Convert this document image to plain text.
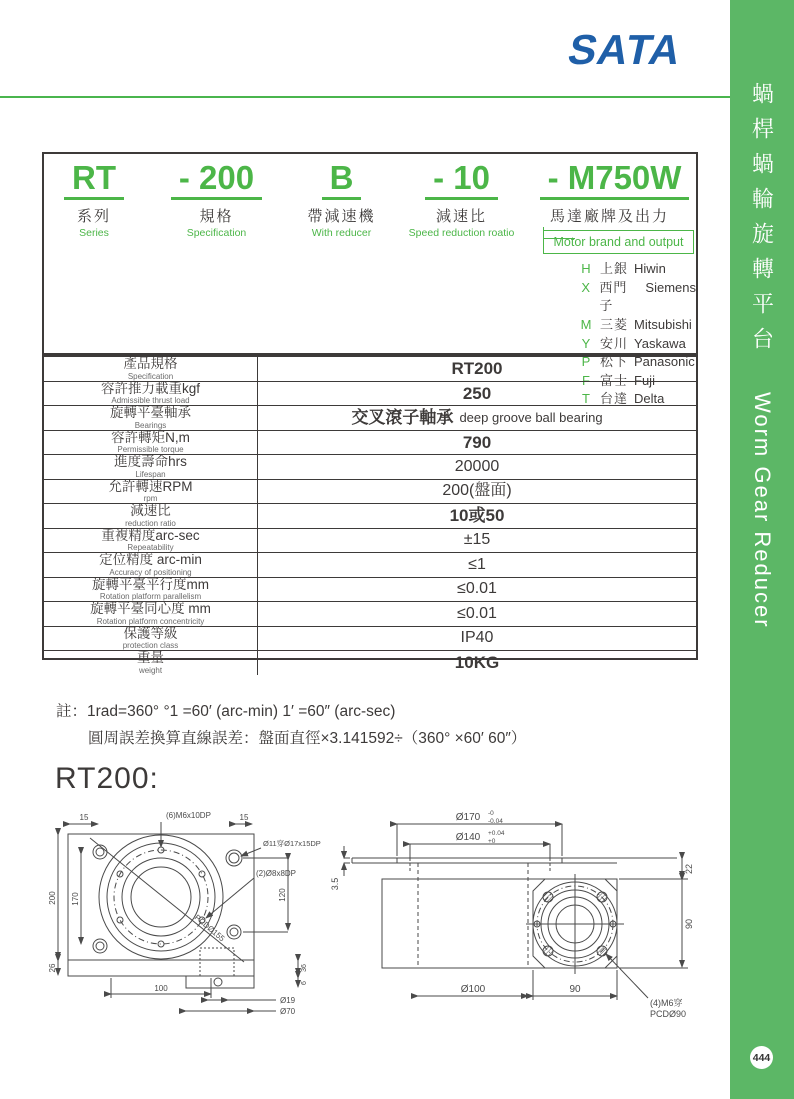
SATA
RT
系列
Series
- 200
規格
Specification
B
帶減速機
With reducer
- 10
減速比
Speed reduction roatio
- M750W
馬達廠牌及出力
Motor brand and output
H 上銀 Hiwin
X 西門子
Siemens
M 三菱 Mitsubishi
Y 安川 Yaskawa
P 松下 Panasonic
F 富士 Fuji
T 台達 Delta
產品規格
Specification	RT200
容許推力載重kgf
Admissible thrust load	250
旋轉平臺軸承
Bearings	交叉滾子軸承 deep groove ball bearing
容許轉矩N,m
Permissible torque	790
進度壽命hrs
Lifespan	20000
允許轉速RPM
rpm	200(盤面)
減速比
reduction ratio	10或50
重複精度arc-sec
Repeatability	±15
定位精度 arc-min
Accuracy of positioning	≤1
旋轉平臺平行度mm
Rotation platform parallelism	≤0.01
旋轉平臺同心度 mm
Rotation platform concentricity	≤0.01
保護等級
protection class	IP40
重量
weight	10KG
註：1rad=360° °1 =60′ (arc-min) 1′ =60″ (arc-sec)
圓周誤差換算直線誤差：盤面直徑×3.141592÷（360° ×60′ 60″）
RT200:
15	15
(6)M6x10DP
Ø11穿Ø17x15DP
(2)Ø8x8DP
200 170	120
PCDØ155
26
100
Ø19
Ø70
36
6
Ø170 -0
-0.04
Ø140 +0.04
+0
3.5
22
90
Ø100	90
(4)M6穿
PCDØ90
蝸桿蝸輪旋轉平台
Worm Gear Reducer
444
